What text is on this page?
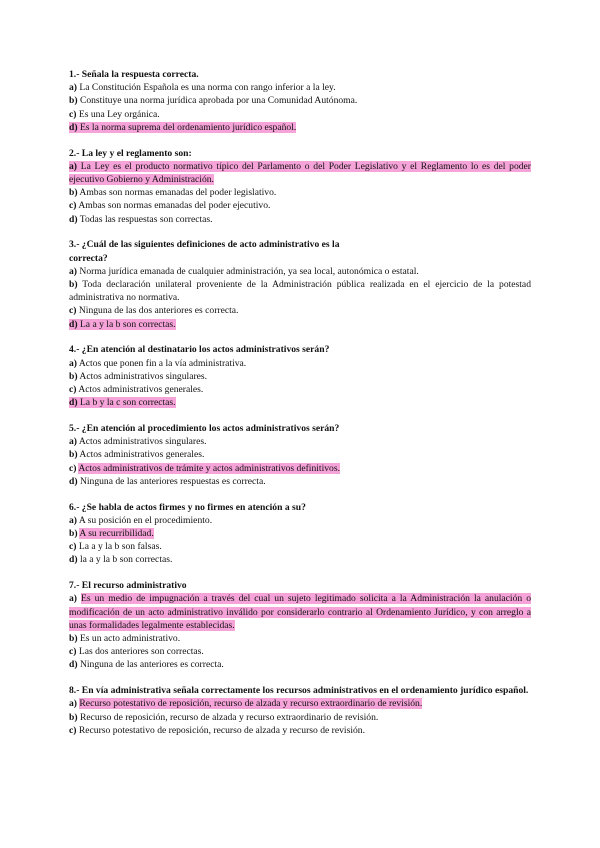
1.- Señala la respuesta correcta.
a) La Constitución Española es una norma con rango inferior a la ley.
b) Constituye una norma jurídica aprobada por una Comunidad Autónoma.
c) Es una Ley orgánica.
d) Es la norma suprema del ordenamiento jurídico español.
2.- La ley y el reglamento son:
a) La Ley es el producto normativo típico del Parlamento o del Poder Legislativo y el Reglamento lo es del poder ejecutivo Gobierno y Administración.
b) Ambas son normas emanadas del poder legislativo.
c) Ambas son normas emanadas del poder ejecutivo.
d) Todas las respuestas son correctas.
3.- ¿Cuál de las siguientes definiciones de acto administrativo es la correcta?
a) Norma jurídica emanada de cualquier administración, ya sea local, autonómica o estatal.
b) Toda declaración unilateral proveniente de la Administración pública realizada en el ejercicio de la potestad administrativa no normativa.
c) Ninguna de las dos anteriores es correcta.
d) La a y la b son correctas.
4.- ¿En atención al destinatario los actos administrativos serán?
a) Actos que ponen fin a la vía administrativa.
b) Actos administrativos singulares.
c) Actos administrativos generales.
d) La b y la c son correctas.
5.- ¿En atención al procedimiento los actos administrativos serán?
a) Actos administrativos singulares.
b) Actos administrativos generales.
c) Actos administrativos de trámite y actos administrativos definitivos.
d) Ninguna de las anteriores respuestas es correcta.
6.- ¿Se habla de actos firmes y no firmes en atención a su?
a) A su posición en el procedimiento.
b) A su recurribilidad.
c) La a y la b son falsas.
d) la a y la b son correctas.
7.- El recurso administrativo
a) Es un medio de impugnación a través del cual un sujeto legitimado solicita a la Administración la anulación o modificación de un acto administrativo inválido por considerarlo contrario al Ordenamiento Jurídico, y con arreglo a unas formalidades legalmente establecidas.
b) Es un acto administrativo.
c) Las dos anteriores son correctas.
d) Ninguna de las anteriores es correcta.
8.- En vía administrativa señala correctamente los recursos administrativos en el ordenamiento jurídico español.
a) Recurso potestativo de reposición, recurso de alzada y recurso extraordinario de revisión.
b) Recurso de reposición, recurso de alzada y recurso extraordinario de revisión.
c) Recurso potestativo de reposición, recurso de alzada y recurso de revisión.
